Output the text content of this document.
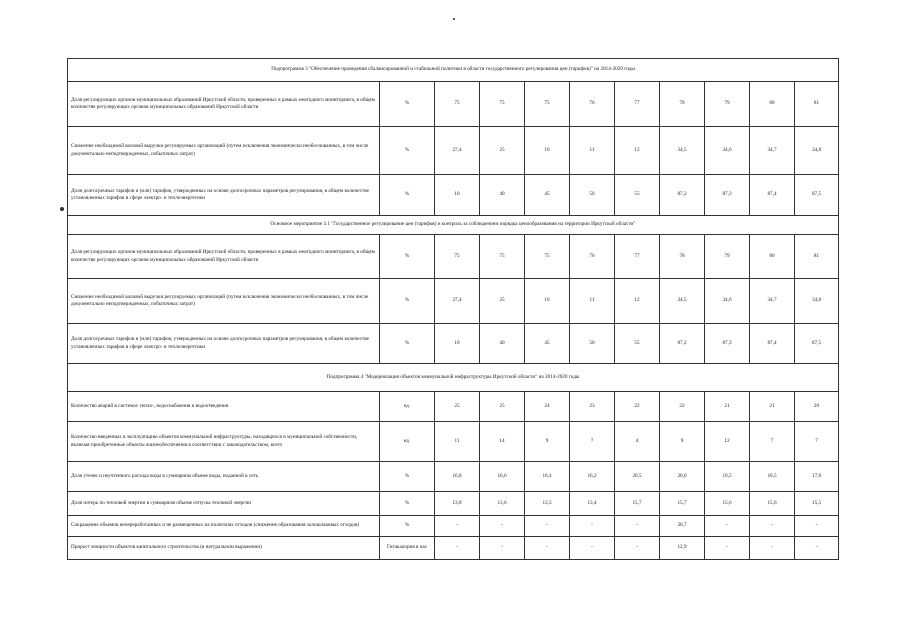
Подпрограмма 3 "Обеспечение проведения сбалансированной и стабильной политики в области государственного регулирования цен (тарифов)" на 2014-2020 годы										
Доля регулирующих органов муниципальных образований Иркутской области, проверенных в рамках ежегодного мониторинга, в общем количестве регулирующих органов муниципальных образований Иркутской области	%	75	75	75	76	77	78	79	80	81
Снижение необходимой валовой выручки регулируемых организаций (путем исключения экономически необоснованных, в том числе документально неподтвержденных, избыточных затрат)	%	27,4	25	10	11	12	34,5	34,6	34,7	34,8
Доля долгосрочных тарифов и (или) тарифов, утвержденных на основе долгосрочных параметров регулирования, в общем количестве установленных тарифов в сфере электро- и теплоэнергетики	%	10	40	45	50	55	87,2	87,3	87,4	87,5
Основное мероприятие 3.1 "Государственное регулирование цен (тарифов) и контроль за соблюдением порядка ценообразования на территории Иркутской области"										
Доля регулирующих органов муниципальных образований Иркутской области, проверенных в рамках ежегодного мониторинга, в общем количестве регулирующих органов муниципальных образований Иркутской области	%	75	75	75	76	77	78	79	80	81
Снижение необходимой валовой выручки регулируемых организаций (путем исключения экономически необоснованных, в том числе документально неподтвержденных, избыточных затрат)	%	27,4	25	10	11	12	34,5	34,6	34,7	34,8
Доля долгосрочных тарифов и (или) тарифов, утвержденных на основе долгосрочных параметров регулирования, в общем количестве установленных тарифов в сфере электро- и теплоэнергетики	%	10	40	45	50	55	87,2	87,3	87,4	87,5
Подпрограмма 4 "Модернизация объектов коммунальной инфраструктуры Иркутской области" на 2014-2020 годы										
Количество аварий в системах тепло-, водоснабжения и водоотведения	ед.	25	25	24	23	22	22	21	21	20
Количество введенных в эксплуатацию объектов коммунальной инфраструктуры, находящихся в муниципальной собственности, включая приобретенные объекты жизнеобеспечения в соответствии с законодательством, всего	ед.	11	14	9	7	4	9	12	7	7
Доля утечек и неучтенного расхода воды в суммарном объеме воды, поданной в сеть	%	16,8	16,6	16,4	16,2	20,5	20,0	19,5	18,5	17,6
Доля потерь по тепловой энергии в суммарном объеме отпуска тепловой энергии	%	13,8	13,6	13,5	13,4	15,7	15,7	15,6	15,6	15,5
Сокращение объемов непереработанных и не размещенных на полигонах отходов (снижение образования золошлаковых отходов)	%	-	-	-	-	-	36,7	-	-	-
Прирост мощности объектов капитального строительства (в натуральном выражении)	Гигакалория в час	-	-	-	-	-	12,9	-	-	-
